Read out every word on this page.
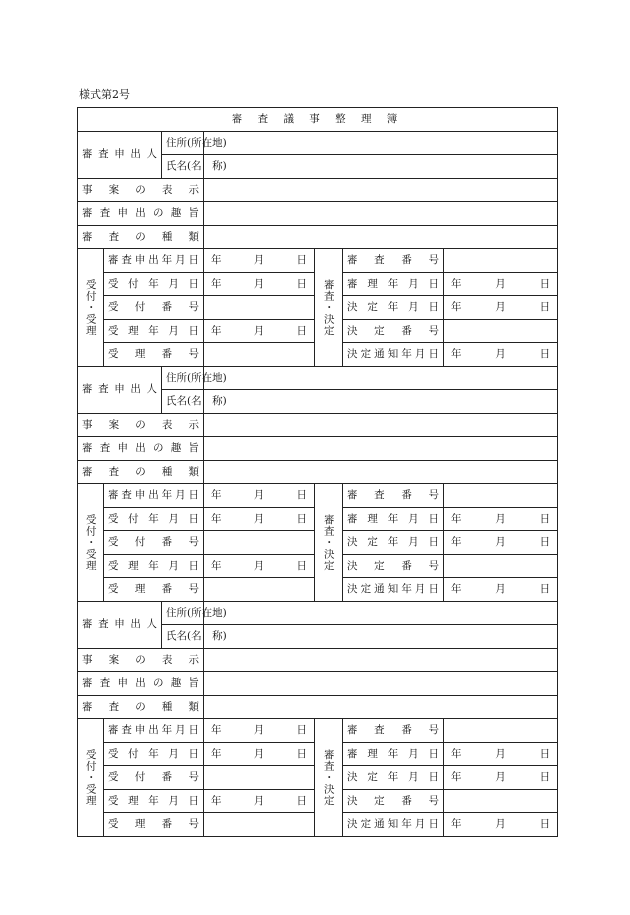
様式第2号
審 査 議 事 整 理 簿						
審査申出人		住所(所在地)				
		氏名(名　称)				
事案の表示						
審査申出の趣旨						
審査の種類						
受付・受理	審査申出年月日		年 月 日	審査・決定	審査番号	
	受付年月日		年 月 日		審理年月日	年 月 日

	受付番号				決定年月日	年 月 日

	受理年月日		年 月 日		決定番号	
	受理番号				決定通知年月日	年 月 日

審査申出人		住所(所在地)				
		氏名(名　称)				
事案の表示						
審査申出の趣旨						
審査の種類						
受付・受理	審査申出年月日		年 月 日	審査・決定	審査番号	
	受付年月日		年 月 日		審理年月日	年 月 日

	受付番号				決定年月日	年 月 日

	受理年月日		年 月 日		決定番号	
	受理番号				決定通知年月日	年 月 日

審査申出人		住所(所在地)				
		氏名(名　称)				
事案の表示						
審査申出の趣旨						
審査の種類						
受付・受理	審査申出年月日		年 月 日	審査・決定	審査番号	
	受付年月日		年 月 日		審理年月日	年 月 日

	受付番号				決定年月日	年 月 日

	受理年月日		年 月 日		決定番号	
	受理番号				決定通知年月日	年 月 日
